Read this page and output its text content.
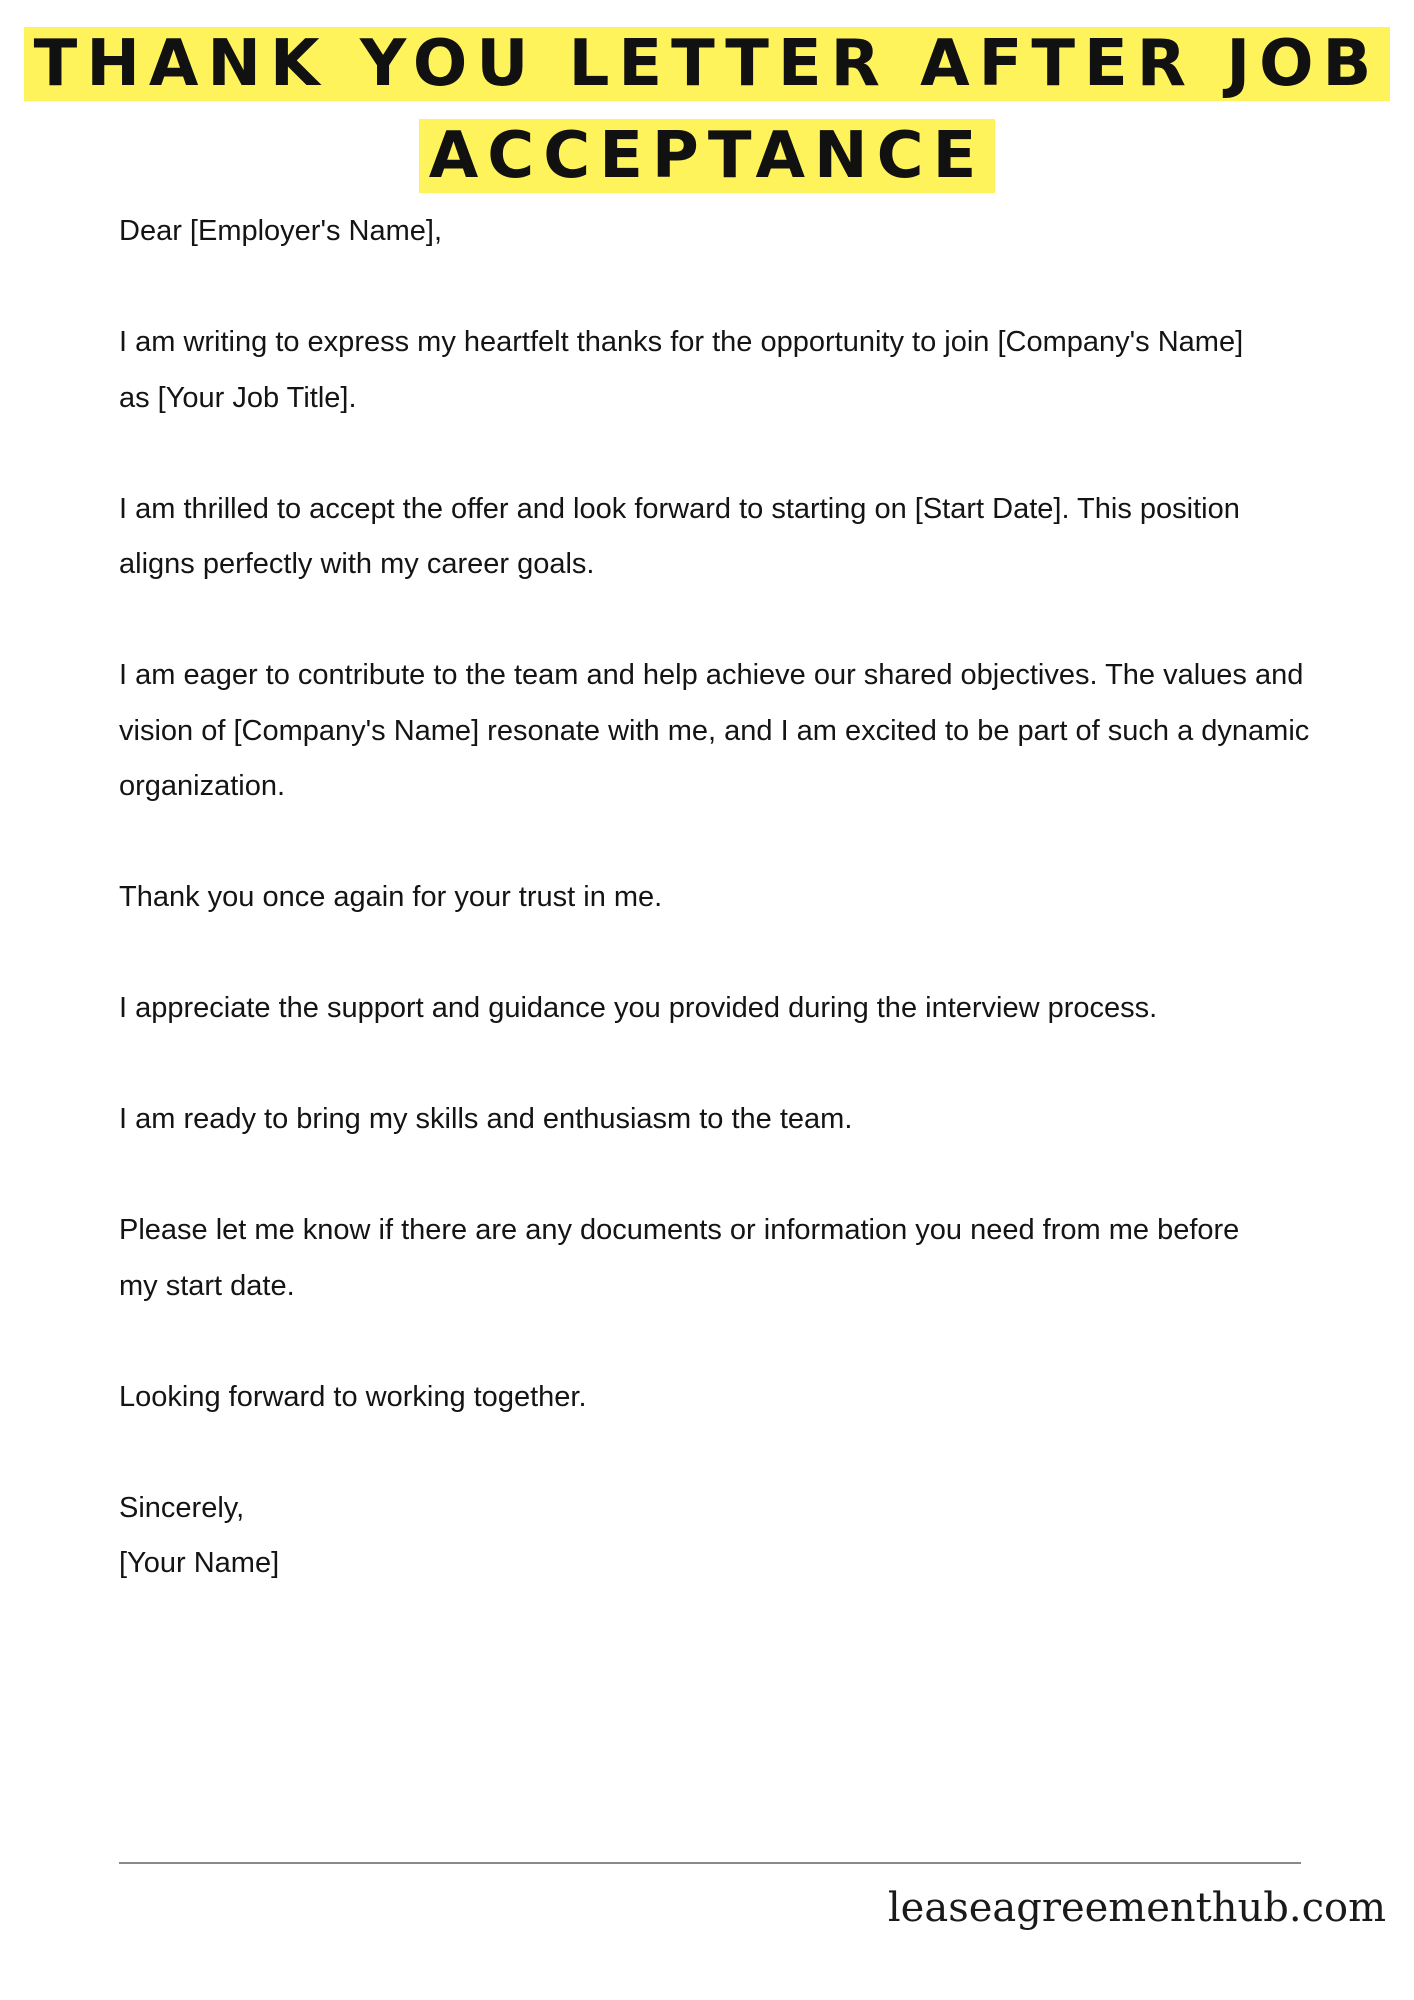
THANK YOU LETTER AFTER JOB
ACCEPTANCE

Dear [Employer's Name],

I am writing to express my heartfelt thanks for the opportunity to join [Company's Name] as [Your Job Title].

I am thrilled to accept the offer and look forward to starting on [Start Date]. This position aligns perfectly with my career goals.

I am eager to contribute to the team and help achieve our shared objectives. The values and vision of [Company's Name] resonate with me, and I am excited to be part of such a dynamic organization.

Thank you once again for your trust in me.

I appreciate the support and guidance you provided during the interview process.

I am ready to bring my skills and enthusiasm to the team.

Please let me know if there are any documents or information you need from me before my start date.

Looking forward to working together.

Sincerely,

[Your Name]

leaseagreementhub.com
